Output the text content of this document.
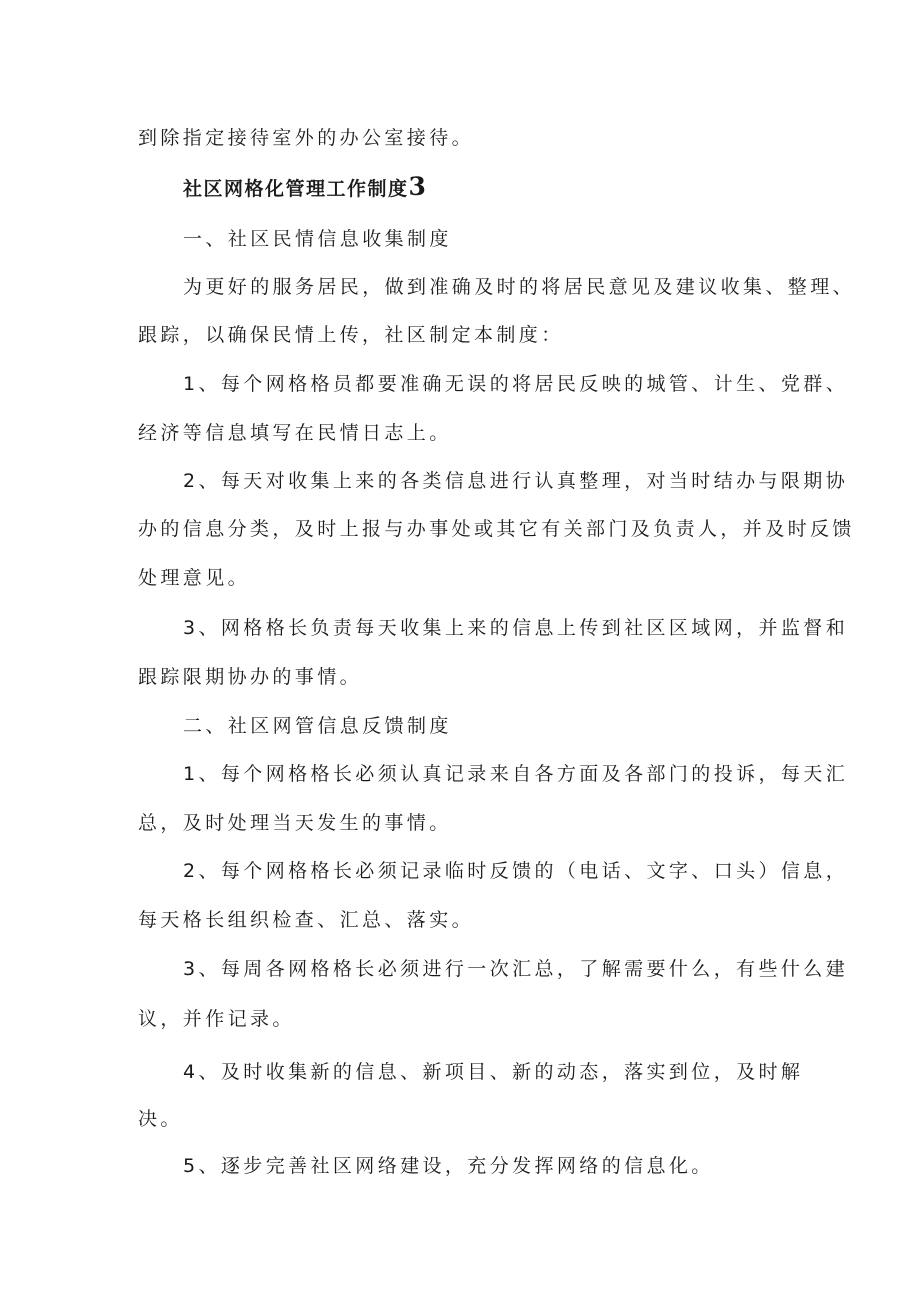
到除指定接待室外的办公室接待。
社区网格化管理工作制度3
一、社区民情信息收集制度
为更好的服务居民，做到准确及时的将居民意见及建议收集、整理、
跟踪，以确保民情上传，社区制定本制度：
1、每个网格格员都要准确无误的将居民反映的城管、计生、党群、
经济等信息填写在民情日志上。
2、每天对收集上来的各类信息进行认真整理，对当时结办与限期协
办的信息分类，及时上报与办事处或其它有关部门及负责人，并及时反馈
处理意见。
3、网格格长负责每天收集上来的信息上传到社区区域网，并监督和
跟踪限期协办的事情。
二、社区网管信息反馈制度
1、每个网格格长必须认真记录来自各方面及各部门的投诉，每天汇
总，及时处理当天发生的事情。
2、每个网格格长必须记录临时反馈的（电话、文字、口头）信息，
每天格长组织检查、汇总、落实。
3、每周各网格格长必须进行一次汇总，了解需要什么，有些什么建
议，并作记录。
4、及时收集新的信息、新项目、新的动态，落实到位，及时解
决。
5、逐步完善社区网络建设，充分发挥网络的信息化。
